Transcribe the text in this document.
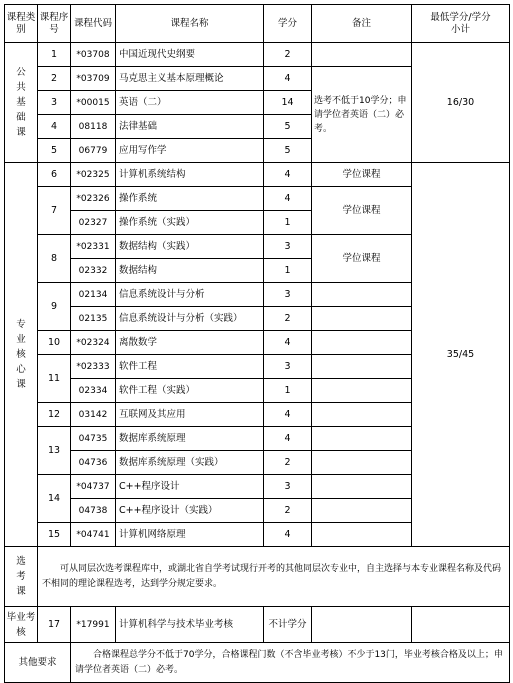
课程类别	课程序号	课程代码	课程名称	学分	备注	最低学分/学分小计
公共基础课	1	*03708	中国近现代史纲要	2		16/30
	2	*03709	马克思主义基本原理概论	4	选考不低于10学分；申请学位者英语（二）必考。	
	3	*00015	英语（二）	14		
	4	08118	法律基础	5		
	5	06779	应用写作学	5		
专业核心课	6	*02325	计算机系统结构	4	学位课程	35/45
	7	*02326	操作系统	4	学位课程	
		02327	操作系统（实践）	1		
	8	*02331	数据结构（实践）	3	学位课程	
		02332	数据结构	1		
	9	02134	信息系统设计与分析	3		
		02135	信息系统设计与分析（实践）	2		
	10	*02324	离散数学	4		
	11	*02333	软件工程	3		
		02334	软件工程（实践）	1		
	12	03142	互联网及其应用	4		
	13	04735	数据库系统原理	4		
		04736	数据库系统原理（实践）	2		
	14	*04737	C++程序设计	3		
		04738	C++程序设计（实践）	2		
	15	*04741	计算机网络原理	4		
选考课	可从同层次选考课程库中，或湖北省自学考试现行开考的其他同层次专业中，自主选择与本专业课程名称及代码不相同的理论课程选考，达到学分规定要求。					
毕业考核	17	*17991	计算机科学与技术毕业考核	不计学分		
其他要求		合格课程总学分不低于70学分，合格课程门数（不含毕业考核）不少于13门，毕业考核合格及以上；申请学位者英语（二）必考。				
